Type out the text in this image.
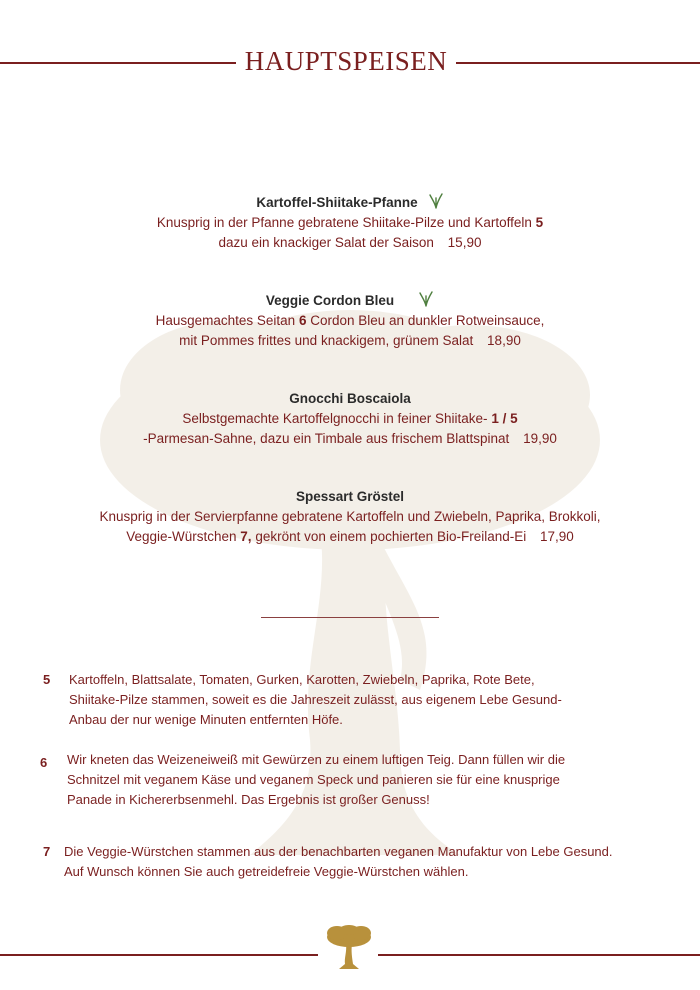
HAUPTSPEISEN
Kartoffel-Shiitake-Pfanne
Knusprig in der Pfanne gebratene Shiitake-Pilze und Kartoffeln 5
dazu ein knackiger Salat der Saison 15,90
Veggie Cordon Bleu
Hausgemachtes Seitan 6 Cordon Bleu an dunkler Rotweinsauce,
mit Pommes frittes und knackigem, grünem Salat 18,90
Gnocchi Boscaiola
Selbstgemachte Kartoffelgnocchi in feiner Shiitake- 1 / 5
-Parmesan-Sahne, dazu ein Timbale aus frischem Blattspinat 19,90
Spessart Gröstel
Knusprig in der Servierpfanne gebratene Kartoffeln und Zwiebeln, Paprika, Brokkoli,
Veggie-Würstchen 7, gekrönt von einem pochierten Bio-Freiland-Ei 17,90
5 Kartoffeln, Blattsalate, Tomaten, Gurken, Karotten, Zwiebeln, Paprika, Rote Bete,
Shiitake-Pilze stammen, soweit es die Jahreszeit zulässt, aus eigenem Lebe Gesund-
Anbau der nur wenige Minuten entfernten Höfe.
6 Wir kneten das Weizeneiweiß mit Gewürzen zu einem luftigen Teig. Dann füllen wir die
Schnitzel mit veganem Käse und veganem Speck und panieren sie für eine knusprige
Panade in Kichererbsenmehl. Das Ergebnis ist großer Genuss!
7 Die Veggie-Würstchen stammen aus der benachbarten veganen Manufaktur von Lebe Gesund.
Auf Wunsch können Sie auch getreidefreie Veggie-Würstchen wählen.
